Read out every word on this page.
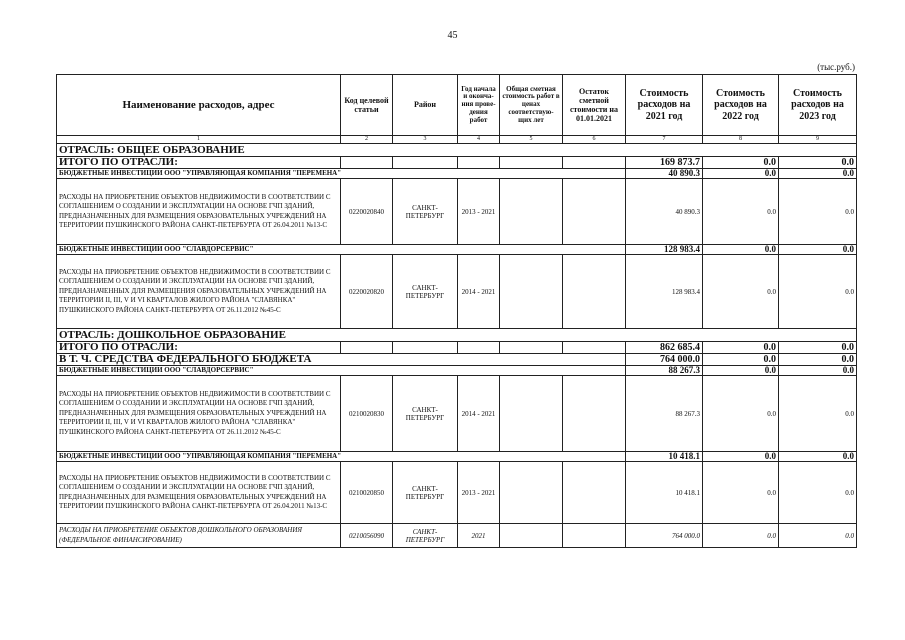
45
(тыс.руб.)
Наименование расходов, адрес	Код целевой статьи	Район	Год начала и оконча-ния прове-дения работ	Общая сметная стоимость работ в ценах соответствую-щих лет	Остаток сметной стоимости на 01.01.2021	Стоимость расходов на 2021 год	Стоимость расходов на 2022 год	Стоимость расходов на 2023 год
1	2	3	4	5	6	7	8	9
ОТРАСЛЬ: ОБЩЕЕ ОБРАЗОВАНИЕ								
ИТОГО ПО ОТРАСЛИ:						169 873.7	0.0	0.0
БЮДЖЕТНЫЕ ИНВЕСТИЦИИ ООО "УПРАВЛЯЮЩАЯ КОМПАНИЯ "ПЕРЕМЕНА"						40 890.3	0.0	0.0
РАСХОДЫ НА ПРИОБРЕТЕНИЕ ОБЪЕКТОВ НЕДВИЖИМОСТИ В СООТВЕТСТВИИ С СОГЛАШЕНИЕМ О СОЗДАНИИ И ЭКСПЛУАТАЦИИ НА ОСНОВЕ ГЧП ЗДАНИЙ, ПРЕДНАЗНАЧЕННЫХ ДЛЯ РАЗМЕЩЕНИЯ ОБРАЗОВАТЕЛЬНЫХ УЧРЕЖДЕНИЙ НА ТЕРРИТОРИИ ПУШКИНСКОГО РАЙОНА САНКТ-ПЕТЕРБУРГА ОТ 26.04.2011 №13-С	0220020840	САНКТ-ПЕТЕРБУРГ	2013 - 2021			40 890.3	0.0	0.0
БЮДЖЕТНЫЕ ИНВЕСТИЦИИ ООО "СЛАВДОРСЕРВИС"						128 983.4	0.0	0.0
РАСХОДЫ НА ПРИОБРЕТЕНИЕ ОБЪЕКТОВ НЕДВИЖИМОСТИ В СООТВЕТСТВИИ С СОГЛАШЕНИЕМ О СОЗДАНИИ И ЭКСПЛУАТАЦИИ НА ОСНОВЕ ГЧП ЗДАНИЙ, ПРЕДНАЗНАЧЕННЫХ ДЛЯ РАЗМЕЩЕНИЯ ОБРАЗОВАТЕЛЬНЫХ УЧРЕЖДЕНИЙ НА ТЕРРИТОРИИ II, III, V И VI КВАРТАЛОВ ЖИЛОГО РАЙОНА "СЛАВЯНКА" ПУШКИНСКОГО РАЙОНА САНКТ-ПЕТЕРБУРГА ОТ 26.11.2012 №45-С	0220020820	САНКТ-ПЕТЕРБУРГ	2014 - 2021			128 983.4	0.0	0.0
ОТРАСЛЬ: ДОШКОЛЬНОЕ ОБРАЗОВАНИЕ								
ИТОГО ПО ОТРАСЛИ:						862 685.4	0.0	0.0
В Т. Ч. СРЕДСТВА ФЕДЕРАЛЬНОГО БЮДЖЕТА						764 000.0	0.0	0.0
БЮДЖЕТНЫЕ ИНВЕСТИЦИИ ООО "СЛАВДОРСЕРВИС"						88 267.3	0.0	0.0
РАСХОДЫ НА ПРИОБРЕТЕНИЕ ОБЪЕКТОВ НЕДВИЖИМОСТИ В СООТВЕТСТВИИ С СОГЛАШЕНИЕМ О СОЗДАНИИ И ЭКСПЛУАТАЦИИ НА ОСНОВЕ ГЧП ЗДАНИЙ, ПРЕДНАЗНАЧЕННЫХ ДЛЯ РАЗМЕЩЕНИЯ ОБРАЗОВАТЕЛЬНЫХ УЧРЕЖДЕНИЙ НА ТЕРРИТОРИИ II, III, V И VI КВАРТАЛОВ ЖИЛОГО РАЙОНА "СЛАВЯНКА" ПУШКИНСКОГО РАЙОНА САНКТ-ПЕТЕРБУРГА ОТ 26.11.2012 №45-С	0210020830	САНКТ-ПЕТЕРБУРГ	2014 - 2021			88 267.3	0.0	0.0
БЮДЖЕТНЫЕ ИНВЕСТИЦИИ ООО "УПРАВЛЯЮЩАЯ КОМПАНИЯ "ПЕРЕМЕНА"						10 418.1	0.0	0.0
РАСХОДЫ НА ПРИОБРЕТЕНИЕ ОБЪЕКТОВ НЕДВИЖИМОСТИ В СООТВЕТСТВИИ С СОГЛАШЕНИЕМ О СОЗДАНИИ И ЭКСПЛУАТАЦИИ НА ОСНОВЕ ГЧП ЗДАНИЙ, ПРЕДНАЗНАЧЕННЫХ ДЛЯ РАЗМЕЩЕНИЯ ОБРАЗОВАТЕЛЬНЫХ УЧРЕЖДЕНИЙ НА ТЕРРИТОРИИ ПУШКИНСКОГО РАЙОНА САНКТ-ПЕТЕРБУРГА ОТ 26.04.2011 №13-С	0210020850	САНКТ-ПЕТЕРБУРГ	2013 - 2021			10 418.1	0.0	0.0
РАСХОДЫ НА ПРИОБРЕТЕНИЕ ОБЪЕКТОВ ДОШКОЛЬНОГО ОБРАЗОВАНИЯ (ФЕДЕРАЛЬНОЕ ФИНАНСИРОВАНИЕ)	0210056090	САНКТ-ПЕТЕРБУРГ	2021			764 000.0	0.0	0.0
